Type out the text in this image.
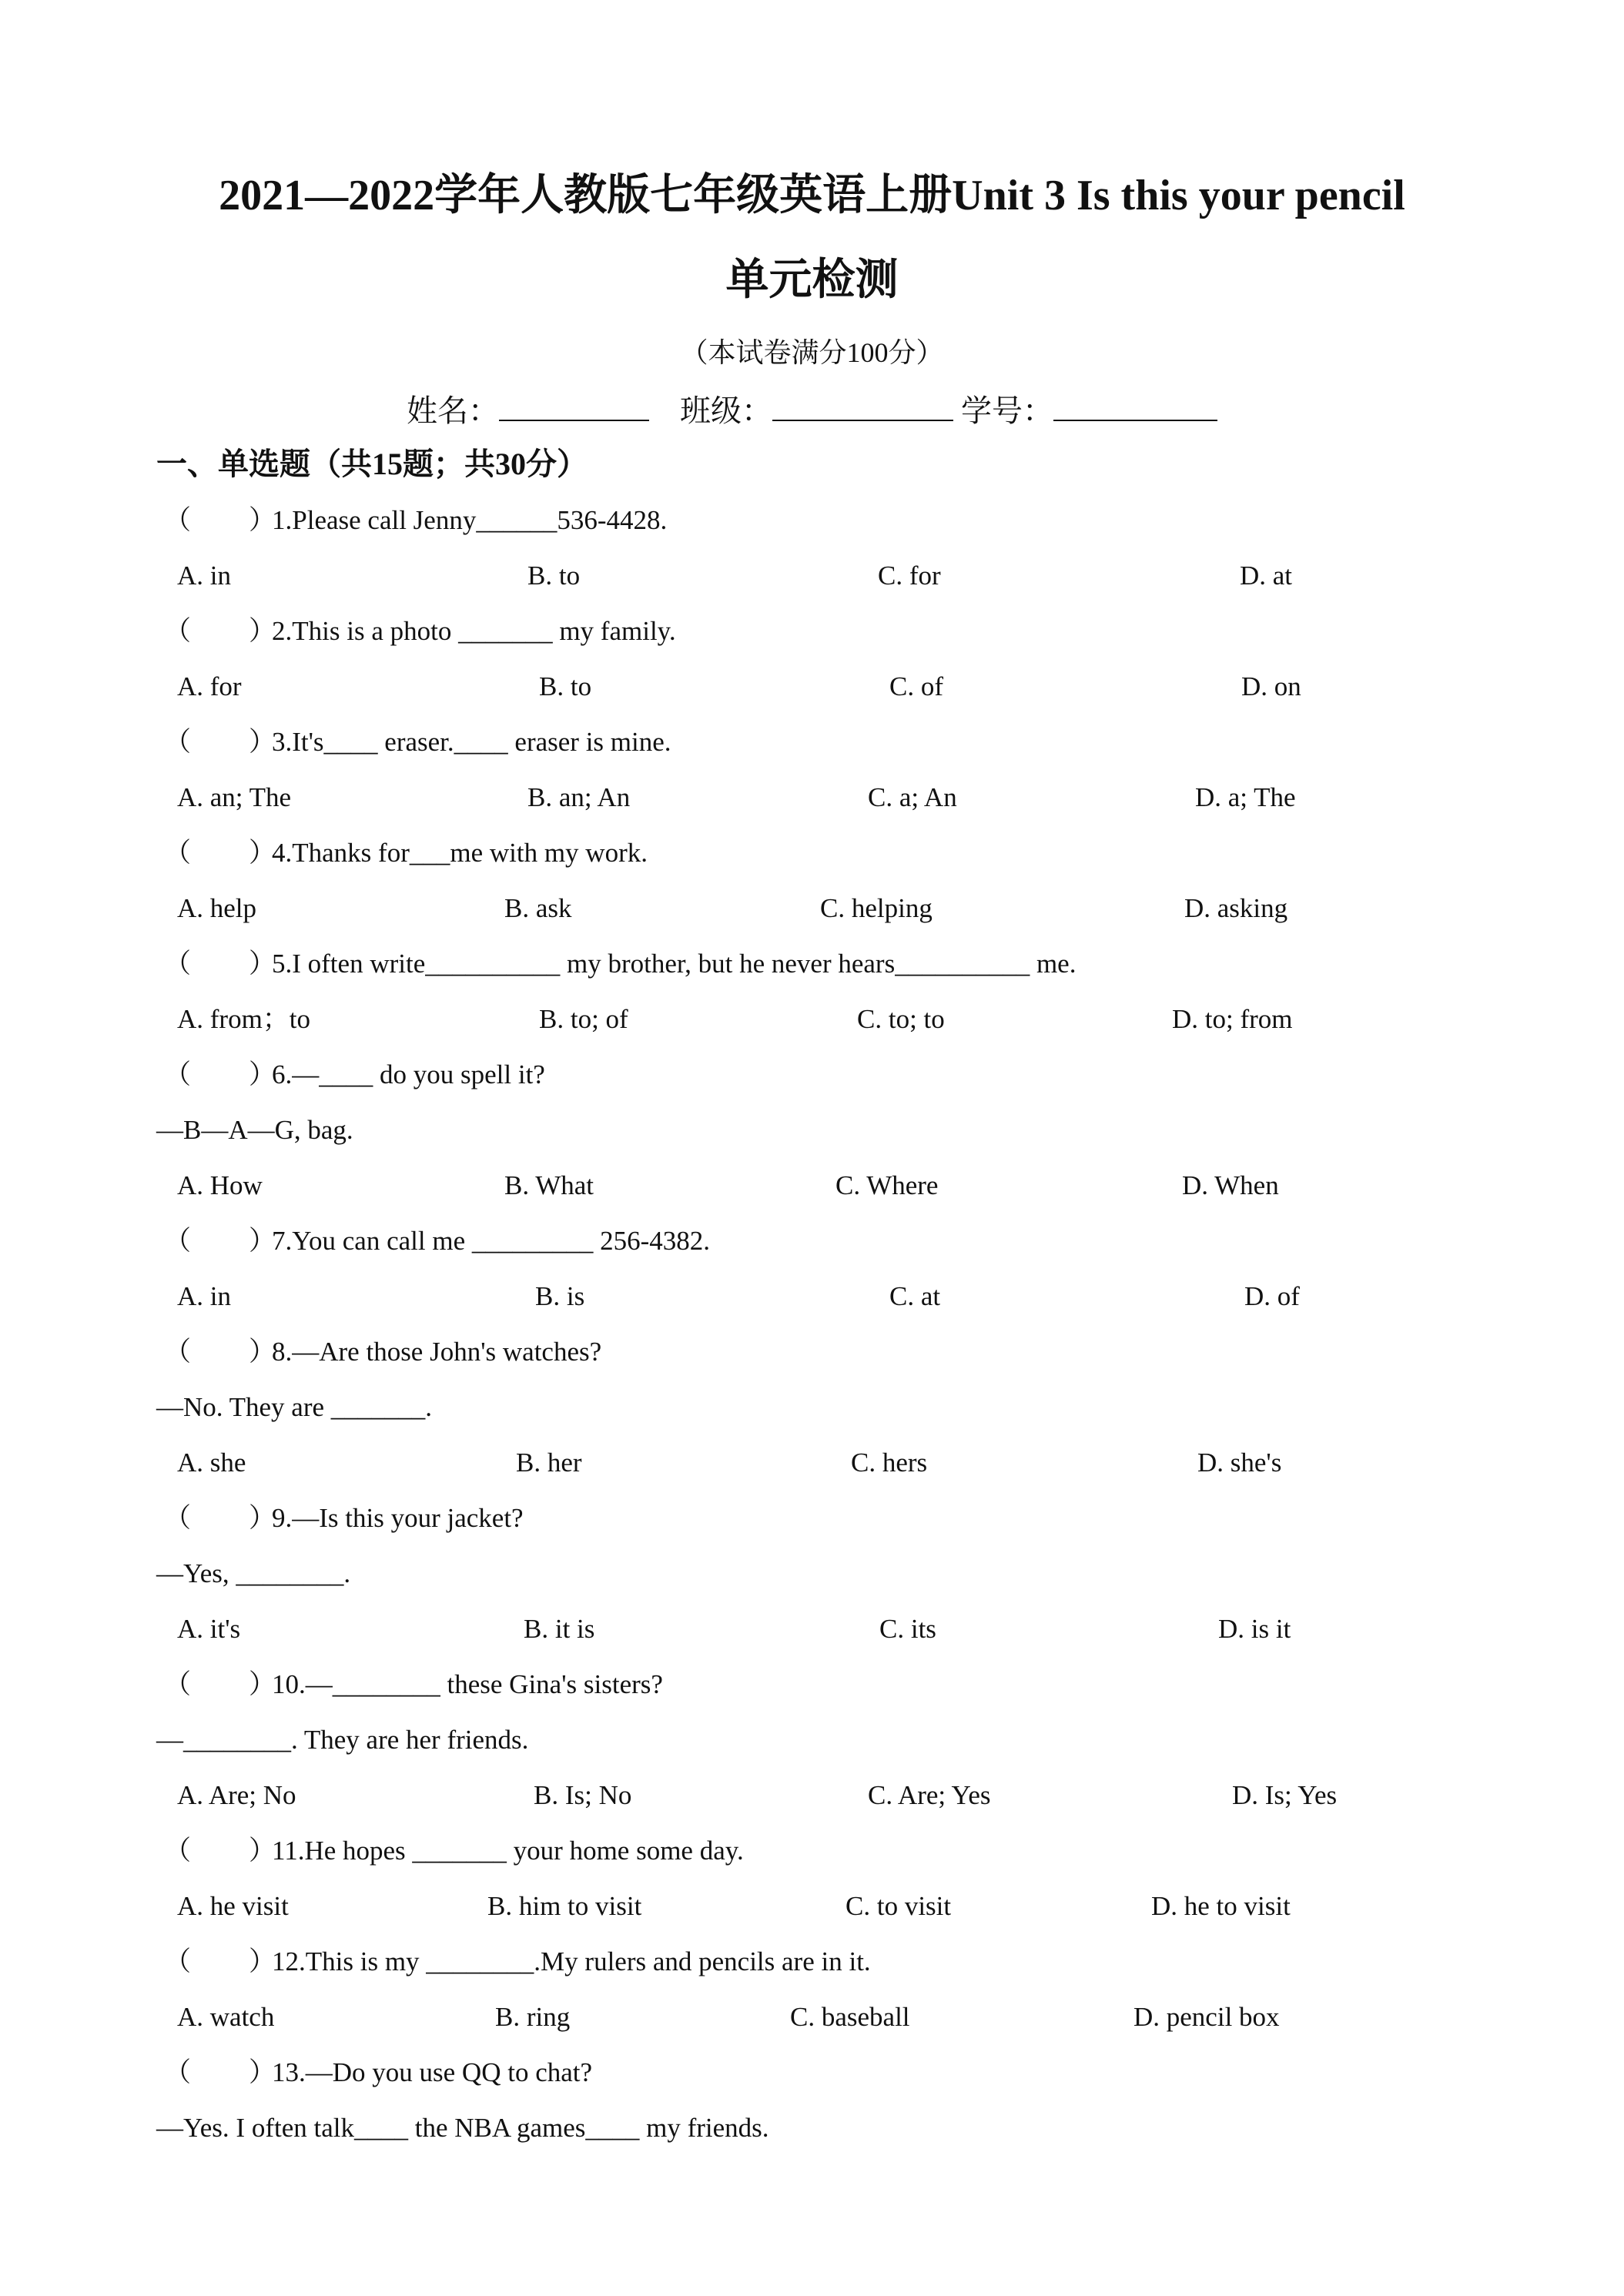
2021—2022学年人教版七年级英语上册Unit 3 Is this your pencil
单元检测
（本试卷满分100分）
姓名：	班级：	学号：
一、单选题（共15题；共30分）
（ ）1.Please call Jenny______536-4428.
A. in	B. to	C. for	D. at
（ ）2.This is a photo _______ my family.
A. for	B. to	C. of	D. on
（ ）3.It's____ eraser.____ eraser is mine.
A. an; The	B. an; An	C. a; An	D. a; The
（ ）4.Thanks for___me with my work.
A. help	B. ask	C. helping	D. asking
（ ）5.I often write__________ my brother, but he never hears__________ me.
A. from；to	B. to; of	C. to; to	D. to; from
（ ）6.—____ do you spell it?
—B—A—G, bag.
A. How	B. What	C. Where	D. When
（ ）7.You can call me _________ 256-4382.
A. in	B. is	C. at	D. of
（ ）8.—Are those John's watches?
—No. They are _______.
A. she	B. her	C. hers	D. she's
（ ）9.—Is this your jacket?
—Yes, ________.
A. it's	B. it is	C. its	D. is it
（ ）10.—________ these Gina's sisters?
—________. They are her friends.
A. Are; No	B. Is; No	C. Are; Yes	D. Is; Yes
（ ）11.He hopes _______ your home some day.
A. he visit	B. him to visit	C. to visit	D. he to visit
（ ）12.This is my ________.My rulers and pencils are in it.
A. watch	B. ring	C. baseball	D. pencil box
（ ）13.—Do you use QQ to chat?
—Yes. I often talk____ the NBA games____ my friends.
